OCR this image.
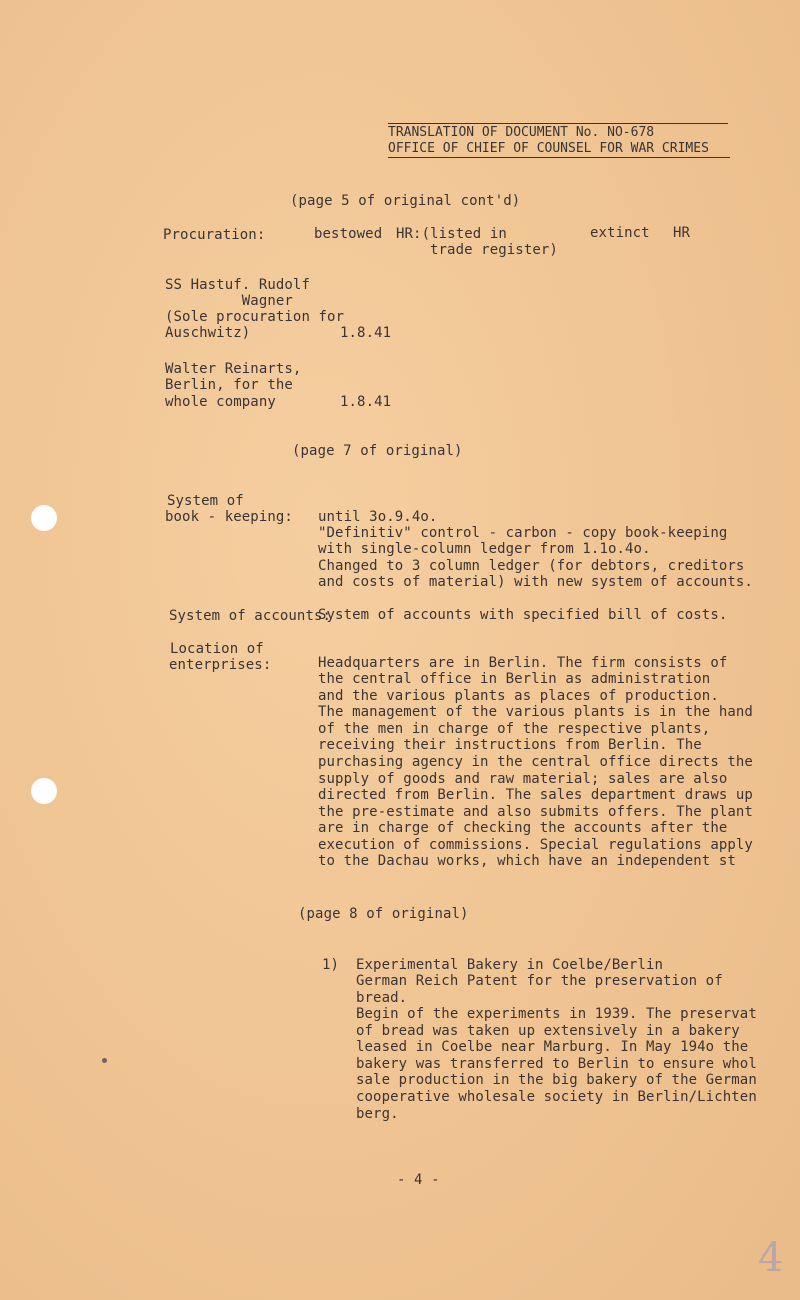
TRANSLATION OF DOCUMENT No. NO-678
OFFICE OF CHIEF OF COUNSEL FOR WAR CRIMES
(page 5 of original cont'd)
Procuration:	bestowed HR:(listed in
trade register)
extinct HR
SS Hastuf. Rudolf
Wagner
(Sole procuration for
Auschwitz)	1.8.41
Walter Reinarts,
Berlin, for the
whole company	1.8.41
(page 7 of original)
System of
book - keeping: until 3o.9.4o.
"Definitiv" control - carbon - copy book-keeping
with single-column ledger from 1.1o.4o.
Changed to 3 column ledger (for debtors, creditors
and costs of material) with new system of accounts.
System of accounts:
System of accounts with specified bill of costs.
Location of
enterprises:	Headquarters are in Berlin. The firm consists of
the central office in Berlin as administration
and the various plants as places of production.
The management of the various plants is in the hand
of the men in charge of the respective plants,
receiving their instructions from Berlin. The
purchasing agency in the central office directs the
supply of goods and raw material; sales are also
directed from Berlin. The sales department draws up
the pre-estimate and also submits offers. The plant
are in charge of checking the accounts after the
execution of commissions. Special regulations apply
to the Dachau works, which have an independent st
(page 8 of original)
1) Experimental Bakery in Coelbe/Berlin
German Reich Patent for the preservation of
bread.
Begin of the experiments in 1939. The preservat
of bread was taken up extensively in a bakery
leased in Coelbe near Marburg. In May 194o the
bakery was transferred to Berlin to ensure whol
sale production in the big bakery of the German
cooperative wholesale society in Berlin/Lichten
berg.
- 4 -
4
